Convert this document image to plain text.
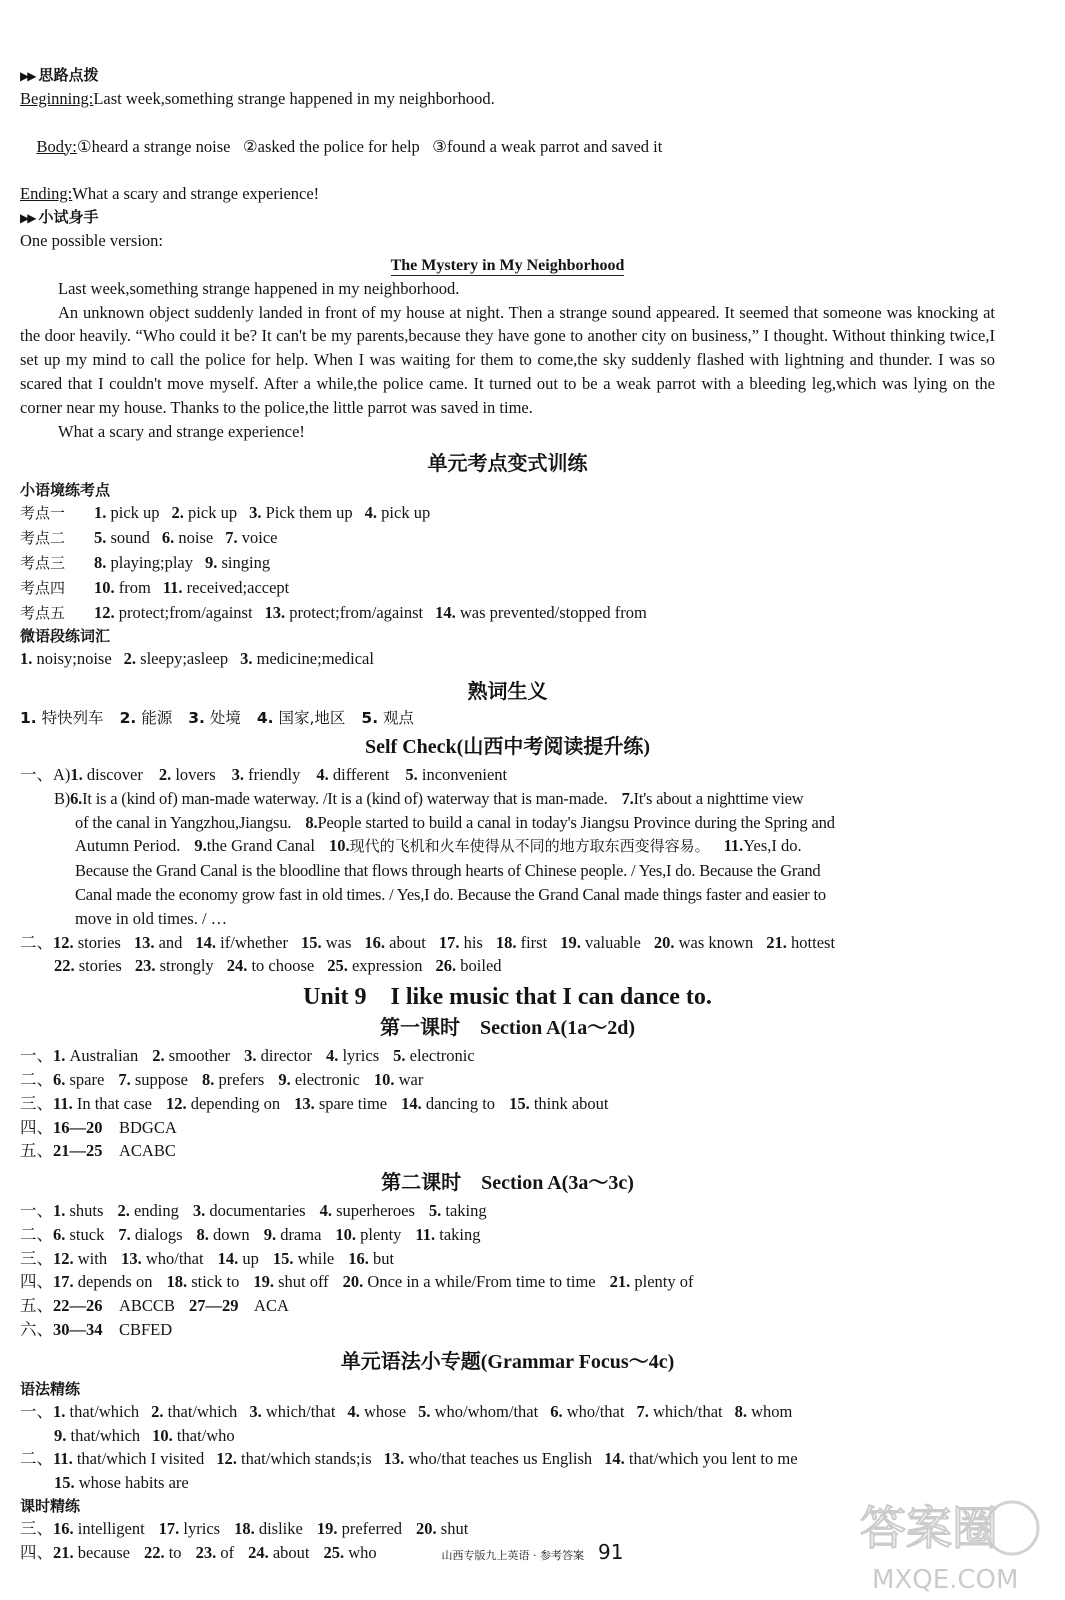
▶▶ 思路点拨
Beginning:Last week,something strange happened in my neighborhood.

Body:①heard a strange noise   ②asked the police for help   ③found a weak parrot and saved it

Ending:What a scary and strange experience!
▶▶ 小试身手
One possible version:
The Mystery in My Neighborhood
Last week,something strange happened in my neighborhood.
An unknown object suddenly landed in front of my house at night. Then a strange sound appeared. It seemed that someone was knocking at the door heavily. “Who could it be? It can't be my parents,because they have gone to another city on business,” I thought. Without thinking twice,I set up my mind to call the police for help. When I was waiting for them to come,the sky suddenly flashed with lightning and thunder. I was so scared that I couldn't move myself. After a while,the police came. It turned out to be a weak parrot with a bleeding leg,which was lying on the corner near my house. Thanks to the police,the little parrot was saved in time.
What a scary and strange experience!
单元考点变式训练
小语境练考点
考点一 1. pick up 2. pick up 3. Pick them up 4. pick up
考点二 5. sound 6. noise 7. voice
考点三 8. playing;play 9. singing
考点四 10. from 11. received;accept
考点五 12. protect;from/against 13. protect;from/against 14. was prevented/stopped from
微语段练词汇
1. noisy;noise 2. sleepy;asleep 3. medicine;medical
熟词生义
1. 特快列车 2. 能源 3. 处境 4. 国家,地区 5. 观点
Self Check(山西中考阅读提升练)
一、A)1. discover 2. lovers 3. friendly 4. different 5. inconvenient
B)6.It is a (kind of) man-made waterway. /It is a (kind of) waterway that is man-made. 7.It's about a nighttime view
of the canal in Yangzhou,Jiangsu. 8.People started to build a canal in today's Jiangsu Province during the Spring and
Autumn Period. 9.the Grand Canal 10.现代的飞机和火车使得从不同的地方取东西变得容易。 11.Yes,I do.
Because the Grand Canal is the bloodline that flows through hearts of Chinese people. / Yes,I do. Because the Grand
Canal made the economy grow fast in old times. / Yes,I do. Because the Grand Canal made things faster and easier to
move in old times. / …
二、12. stories 13. and 14. if/whether 15. was 16. about 17. his 18. first 19. valuable 20. was known 21. hottest
22. stories 23. strongly 24. to choose 25. expression 26. boiled
Unit 9    I like music that I can dance to.
第一课时    Section A(1a～2d)
一、1. Australian 2. smoother 3. director 4. lyrics 5. electronic
二、6. spare 7. suppose 8. prefers 9. electronic 10. war
三、11. In that case 12. depending on 13. spare time 14. dancing to 15. think about
四、16—20    BDGCA
五、21—25    ACABC
第二课时    Section A(3a～3c)
一、1. shuts 2. ending 3. documentaries 4. superheroes 5. taking
二、6. stuck 7. dialogs 8. down 9. drama 10. plenty 11. taking
三、12. with 13. who/that 14. up 15. while 16. but
四、17. depends on 18. stick to 19. shut off 20. Once in a while/From time to time 21. plenty of
五、22—26    ABCCB 27—29    ACA
六、30—34    CBFED
单元语法小专题(Grammar Focus～4c)
语法精练
一、1. that/which 2. that/which 3. which/that 4. whose 5. who/whom/that 6. who/that 7. which/that 8. whom
9. that/which 10. that/who
二、11. that/which I visited 12. that/which stands;is 13. who/that teaches us English 14. that/which you lent to me
15. whose habits are
课时精练
三、16. intelligent 17. lyrics 18. dislike 19. preferred 20. shut
四、21. because 22. to 23. of 24. about 25. who	山西专版九上英语 · 参考答案 91	答案圈
MXQE.COM
